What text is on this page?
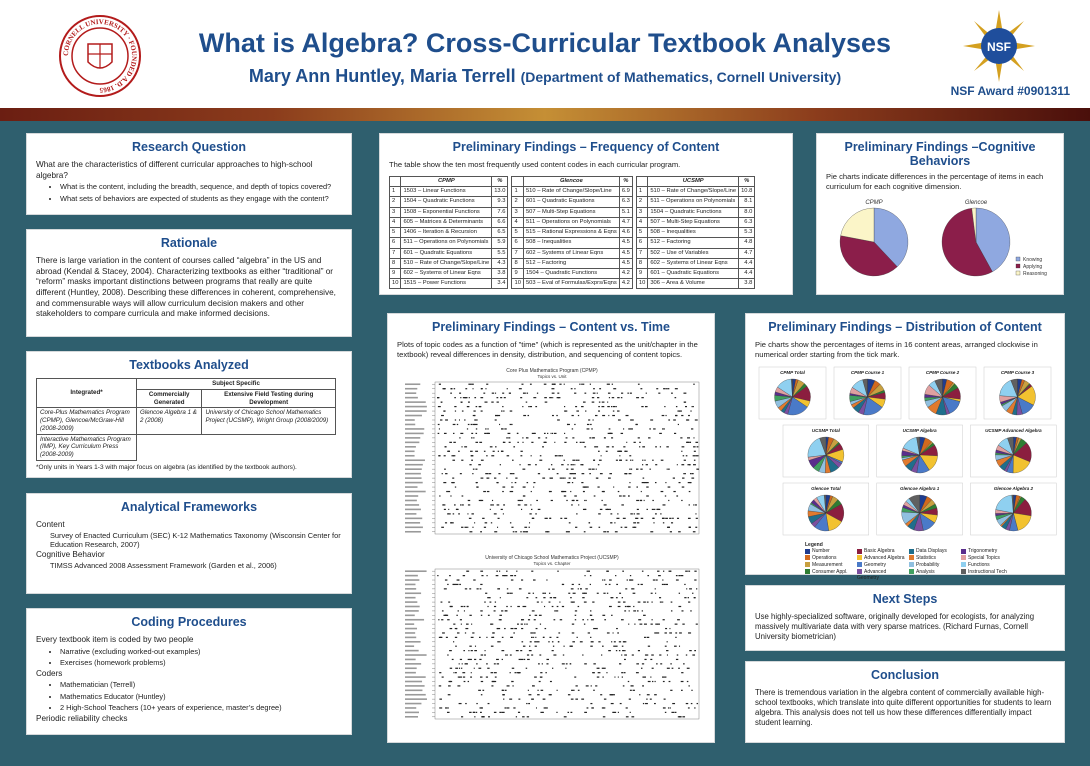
CORNELL UNIVERSITY · FOUNDED A.D. 1865
What is Algebra? Cross-Curricular Textbook Analyses
Mary Ann Huntley, Maria Terrell (Department of Mathematics, Cornell University)
NSF
NSF Award #0901311
Research Question

What are the characteristics of different curricular approaches to high-school algebra?

• What is the content, including the breadth, sequence, and depth of topics covered?
• What sets of behaviors are expected of students as they engage with the content?
Rationale

There is large variation in the content of courses called “algebra” in the US and abroad (Kendal & Stacey, 2004). Characterizing textbooks as either “traditional” or “reform” masks important distinctions between programs that really are quite different (Huntley, 2008). Describing these differences in coherent, comprehensive, and commensurable ways will allow curriculum decision makers and other stakeholders to compare curricula and make informed decisions.

Textbooks Analyzed
Integrated*	Subject Specific	
	Commercially Generated	Extensive Field Testing during Development
Core-Plus Mathematics Program (CPMP), Glencoe/McGraw-Hill (2008-2009)	Glencoe Algebra 1 & 2 (2008)	University of Chicago School Mathematics Project (UCSMP), Wright Group (2008/2009)
Interactive Mathematics Program (IMP), Key Curriculum Press (2008-2009)		

*Only units in Years 1-3 with major focus on algebra (as identified by the textbook authors).

Analytical Frameworks

Content

Survey of Enacted Curriculum (SEC) K-12 Mathematics Taxonomy (Wisconsin Center for Education Research, 2007)

Cognitive Behavior

TIMSS Advanced 2008 Assessment Framework (Garden et al., 2006)

Coding Procedures

Every textbook item is coded by two people

• Narrative (excluding worked-out examples)
• Exercises (homework problems)

Coders

• Mathematician (Terrell)
• Mathematics Educator (Huntley)
• 2 High-School Teachers (10+ years of experience, master’s degree)

Periodic reliability checks

Preliminary Findings – Frequency of Content

The table show the ten most frequently used content codes in each curricular program.

	CPMP	%
1	1503 – Linear Functions	13.0
2	1504 – Quadratic Functions	9.3
3	1508 – Exponential Functions	7.6
4	605 – Matrices & Determinants	6.6
5	1406 – Iteration & Recursion	6.5
6	511 – Operations on Polynomials	5.9
7	601 – Quadratic Equations	5.5
8	510 – Rate of Change/Slope/Line	4.3
9	602 – Systems of Linear Eqns	3.8
10	1515 – Power Functions	3.4
	Glencoe	%
1	510 – Rate of Change/Slope/Line	6.9
2	601 – Quadratic Equations	6.3
3	507 – Multi-Step Equations	5.1
4	511 – Operations on Polynomials	4.7
5	515 – Rational Expressions & Eqns	4.6
6	508 – Inequalities	4.5
7	602 – Systems of Linear Eqns	4.5
8	512 – Factoring	4.5
9	1504 – Quadratic Functions	4.2
10	503 – Eval of Formulas/Exprs/Eqns	4.2
	UCSMP	%
1	510 – Rate of Change/Slope/Line	10.8
2	511 – Operations on Polynomials	8.1
3	1504 – Quadratic Functions	8.0
4	507 – Multi-Step Equations	6.3
5	508 – Inequalities	5.3
6	512 – Factoring	4.8
7	502 – Use of Variables	4.7
8	602 – Systems of Linear Eqns	4.4
9	601 – Quadratic Equations	4.4
10	306 – Area & Volume	3.8
Preliminary Findings –Cognitive Behaviors

Pie charts indicate differences in the percentage of items in each curriculum for each cognitive dimension.

CPMP	Glencoe
Knowing
Applying
Reasoning
Preliminary Findings – Content vs. Time

Plots of topic codes as a function of "time" (which is represented as the unit/chapter in the textbook) reveal differences in density, distribution, and sequencing of content topics.

Core Plus Mathematics Program (CPMP)
Topics vs. Unit

University of Chicago School Mathematics Project (UCSMP)
Topics vs. Chapter
Preliminary Findings – Distribution of Content

Pie charts show the percentages of items in 16 content areas, arranged clockwise in numerical order starting from the tick mark.

CPMP Total	CPMP Course 1	CPMP Course 2	CPMP Course 3
UCSMP Total	UCSMP Algebra	UCSMP Advanced Algebra
Glencoe Total	Glencoe Algebra 1	Glencoe Algebra 2
Legend
Number	Basic Algebra	Data Displays	Trigonometry
Operations	Advanced Algebra	Statistics	Special Topics
Measurement	Geometry	Probability	Functions
Consumer Appl.	Advanced Geometry
Analysis	Instructional Tech
Next Steps

Use highly-specialized software, originally developed for ecologists, for analyzing massively multivariate data with very sparse matrices. (Richard Furnas, Cornell University biometrician)

Conclusion

There is tremendous variation in the algebra content of commercially available high-school textbooks, which translate into quite different opportunities for students to learn algebra. This analysis does not tell us how these differences differentially impact student learning.
